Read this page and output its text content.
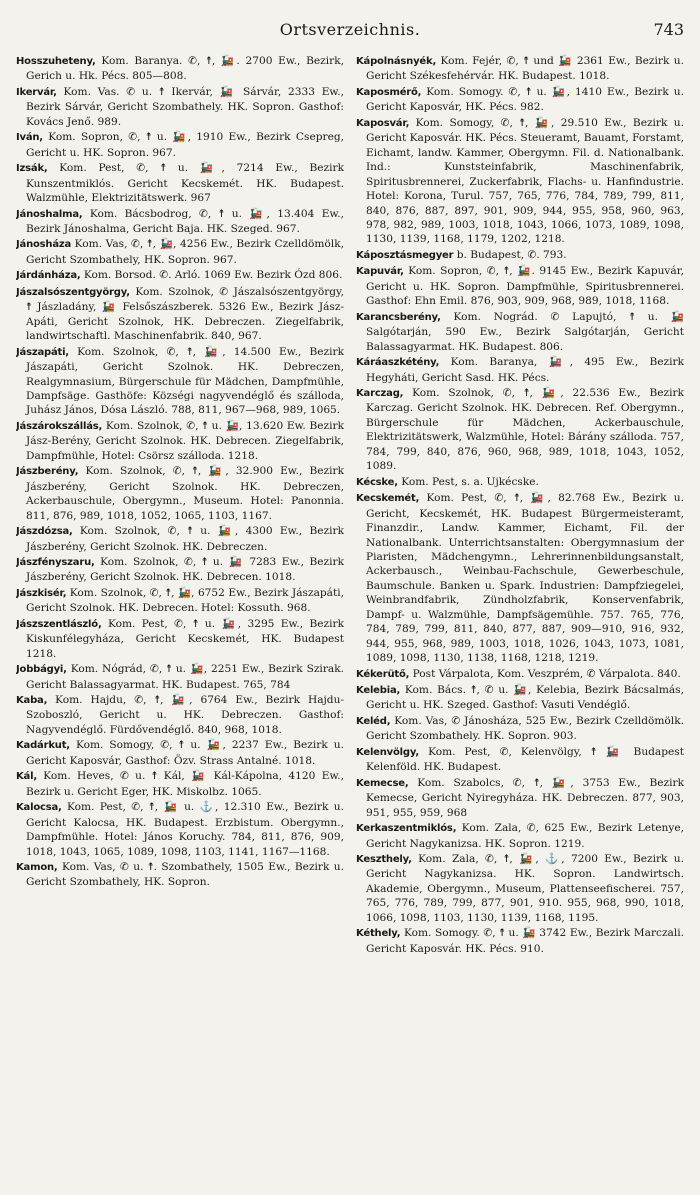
Ortsverzeichnis.	743
Hosszuheteny, Kom. Baranya. ✆, ☨, 🚂. 2700 Ew., Bezirk, Gerich u. Hk. Pécs. 805—808.
Ikervár, Kom. Vas. ✆ u. ☨ Ikervár, 🚂 Sárvár, 2333 Ew., Bezirk Sárvár, Gericht Szombathely. HK. Sopron. Gasthof: Kovács Jenő. 989.
Iván, Kom. Sopron, ✆, ☨ u. 🚂, 1910 Ew., Bezirk Csepreg, Gericht u. HK. Sopron. 967.
Izsák, Kom. Pest, ✆, ☨ u. 🚂, 7214 Ew., Bezirk Kunszentmiklós. Gericht Kecskemét. HK. Budapest. Walzmühle, Elektrizitätswerk. 967
Jánoshalma, Kom. Bácsbodrog, ✆, ☨ u. 🚂, 13.404 Ew., Bezirk Jánoshalma, Gericht Baja. HK. Szeged. 967.
Jánosháza Kom. Vas, ✆, ☨, 🚂, 4256 Ew., Bezirk Czelldömölk, Gericht Szombathely, HK. Sopron. 967.
Járdánháza, Kom. Borsod. ✆. Arló. 1069 Ew. Bezirk Ózd 806.
Jászalsószentgyörgy, Kom. Szolnok, ✆ Jászalsószentgyörgy, ☨ Jászladány, 🚂 Felsőszászberek. 5326 Ew., Bezirk Jász-Apáti, Gericht Szolnok, HK. Debreczen. Ziegelfabrik, landwirtschaftl. Maschinenfabrik. 840, 967.
Jászapáti, Kom. Szolnok, ✆, ☨, 🚂, 14.500 Ew., Bezirk Jászapáti, Gericht Szolnok. HK. Debreczen, Realgymnasium, Bürgerschule für Mädchen, Dampfmühle, Dampfsäge. Gasthöfe: Községi nagyvendéglő és szálloda, Juhász János, Dósa László. 788, 811, 967—968, 989, 1065.
Jászárokszállás, Kom. Szolnok, ✆, ☨ u. 🚂, 13.620 Ew. Bezirk Jász-Berény, Gericht Szolnok. HK. Debrecen. Ziegelfabrik, Dampfmühle, Hotel: Csörsz szálloda. 1218.
Jászberény, Kom. Szolnok, ✆, ☨, 🚂, 32.900 Ew., Bezirk Jászberény, Gericht Szolnok. HK. Debreczen, Ackerbauschule, Obergymn., Museum. Hotel: Panonnia. 811, 876, 989, 1018, 1052, 1065, 1103, 1167.
Jászdózsa, Kom. Szolnok, ✆, ☨ u. 🚂, 4300 Ew., Bezirk Jászberény, Gericht Szolnok. HK. Debreczen.
Jászfényszaru, Kom. Szolnok, ✆, ☨ u. 🚂 7283 Ew., Bezirk Jászberény, Gericht Szolnok. HK. Debrecen. 1018.
Jászkisér, Kom. Szolnok, ✆, ☨, 🚂, 6752 Ew., Bezirk Jászapáti, Gericht Szolnok. HK. Debrecen. Hotel: Kossuth. 968.
Jászszentlászló, Kom. Pest, ✆, ☨ u. 🚂, 3295 Ew., Bezirk Kiskunfélegyháza, Gericht Kecskemét, HK. Budapest 1218.
Jobbágyi, Kom. Nógrád, ✆, ☨ u. 🚂, 2251 Ew., Bezirk Szirak. Gericht Balassagyarmat. HK. Budapest. 765, 784
Kaba, Kom. Hajdu, ✆, ☨, 🚂, 6764 Ew., Bezirk Hajdu-Szoboszló, Gericht u. HK. Debreczen. Gasthof: Nagyvendéglő. Fürdővendéglő. 840, 968, 1018.
Kadárkut, Kom. Somogy, ✆, ☨ u. 🚂, 2237 Ew., Bezirk u. Gericht Kaposvár, Gasthof: Özv. Strass Antalné. 1018.
Kál, Kom. Heves, ✆ u. ☨ Kál, 🚂 Kál-Kápolna, 4120 Ew., Bezirk u. Gericht Eger, HK. Miskolbz. 1065.
Kalocsa, Kom. Pest, ✆, ☨, 🚂 u. ⚓, 12.310 Ew., Bezirk u. Gericht Kalocsa, HK. Budapest. Erzbistum. Obergymn., Dampfmühle. Hotel: János Koruchy. 784, 811, 876, 909, 1018, 1043, 1065, 1089, 1098, 1103, 1141, 1167—1168.
Kamon, Kom. Vas, ✆ u. ☨. Szombathely, 1505 Ew., Bezirk u. Gericht Szombathely, HK. Sopron.
Kápolnásnyék, Kom. Fejér, ✆, ☨ und 🚂 2361 Ew., Bezirk u. Gericht Székesfehérvár. HK. Budapest. 1018.
Kaposmérő, Kom. Somogy. ✆, ☨ u. 🚂, 1410 Ew., Bezirk u. Gericht Kaposvár, HK. Pécs. 982.
Kaposvár, Kom. Somogy, ✆, ☨, 🚂, 29.510 Ew., Bezirk u. Gericht Kaposvár. HK. Pécs. Steueramt, Bauamt, Forstamt, Eichamt, landw. Kammer, Obergymn. Fil. d. Nationalbank. Ind.: Kunststeinfabrik, Maschinenfabrik, Spiritusbrennerei, Zuckerfabrik, Flachs- u. Hanfindustrie. Hotel: Korona, Turul. 757, 765, 776, 784, 789, 799, 811, 840, 876, 887, 897, 901, 909, 944, 955, 958, 960, 963, 978, 982, 989, 1003, 1018, 1043, 1066, 1073, 1089, 1098, 1130, 1139, 1168, 1179, 1202, 1218.
Káposztásmegyer b. Budapest, ✆. 793.
Kapuvár, Kom. Sopron, ✆, ☨, 🚂. 9145 Ew., Bezirk Kapuvár, Gericht u. HK. Sopron. Dampfmühle, Spiritusbrennerei. Gasthof: Ehn Emil. 876, 903, 909, 968, 989, 1018, 1168.
Karancsberény, Kom. Nográd. ✆ Lapujtó, ☨ u. 🚂 Salgótarján, 590 Ew., Bezirk Salgótarján, Gericht Balassagyarmat. HK. Budapest. 806.
Káráaszkétény, Kom. Baranya, 🚂, 495 Ew., Bezirk Hegyháti, Gericht Sasd. HK. Pécs.
Karczag, Kom. Szolnok, ✆, ☨, 🚂, 22.536 Ew., Bezirk Karczag. Gericht Szolnok. HK. Debrecen. Ref. Obergymn., Bürgerschule für Mädchen, Ackerbauschule, Elektrizitätswerk, Walzmühle, Hotel: Bárány szálloda. 757, 784, 799, 840, 876, 960, 968, 989, 1018, 1043, 1052, 1089.
Kécske, Kom. Pest, s. a. Ujkécske.
Kecskemét, Kom. Pest, ✆, ☨, 🚂, 82.768 Ew., Bezirk u. Gericht, Kecskemét, HK. Budapest Bürgermeisteramt, Finanzdir., Landw. Kammer, Eichamt, Fil. der Nationalbank. Unterrichtsanstalten: Obergymnasium der Piaristen, Mädchengymn., Lehrerinnenbildungsanstalt, Ackerbausch., Weinbau-Fachschule, Gewerbeschule, Baumschule. Banken u. Spark. Industrien: Dampfziegelei, Weinbrandfabrik, Zündholzfabrik, Konservenfabrik, Dampf- u. Walzmühle, Dampfsägemühle. 757. 765, 776, 784, 789, 799, 811, 840, 877, 887, 909—910, 916, 932, 944, 955, 968, 989, 1003, 1018, 1026, 1043, 1073, 1081, 1089, 1098, 1130, 1138, 1168, 1218, 1219.
Kékerütő, Post Várpalota, Kom. Veszprém, ✆ Várpalota. 840.
Kelebia, Kom. Bács. ☨, ✆ u. 🚂, Kelebia, Bezirk Bácsalmás, Gericht u. HK. Szeged. Gasthof: Vasuti Vendéglő.
Keléd, Kom. Vas, ✆ Jánosháza, 525 Ew., Bezirk Czelldömölk. Gericht Szombathely. HK. Sopron. 903.
Kelenvölgy, Kom. Pest, ✆, Kelenvölgy, ☨ 🚂 Budapest Kelenföld. HK. Budapest.
Kemecse, Kom. Szabolcs, ✆, ☨, 🚂, 3753 Ew., Bezirk Kemecse, Gericht Nyiregyháza. HK. Debreczen. 877, 903, 951, 955, 959, 968
Kerkaszentmiklós, Kom. Zala, ✆, 625 Ew., Bezirk Letenye, Gericht Nagykanizsa. HK. Sopron. 1219.
Keszthely, Kom. Zala, ✆, ☨, 🚂, ⚓, 7200 Ew., Bezirk u. Gericht Nagykanizsa. HK. Sopron. Landwirtsch. Akademie, Obergymn., Museum, Plattenseefischerei. 757, 765, 776, 789, 799, 877, 901, 910. 955, 968, 990, 1018, 1066, 1098, 1103, 1130, 1139, 1168, 1195.
Kéthely, Kom. Somogy. ✆, ☨ u. 🚂 3742 Ew., Bezirk Marczali. Gericht Kaposvár. HK. Pécs. 910.
